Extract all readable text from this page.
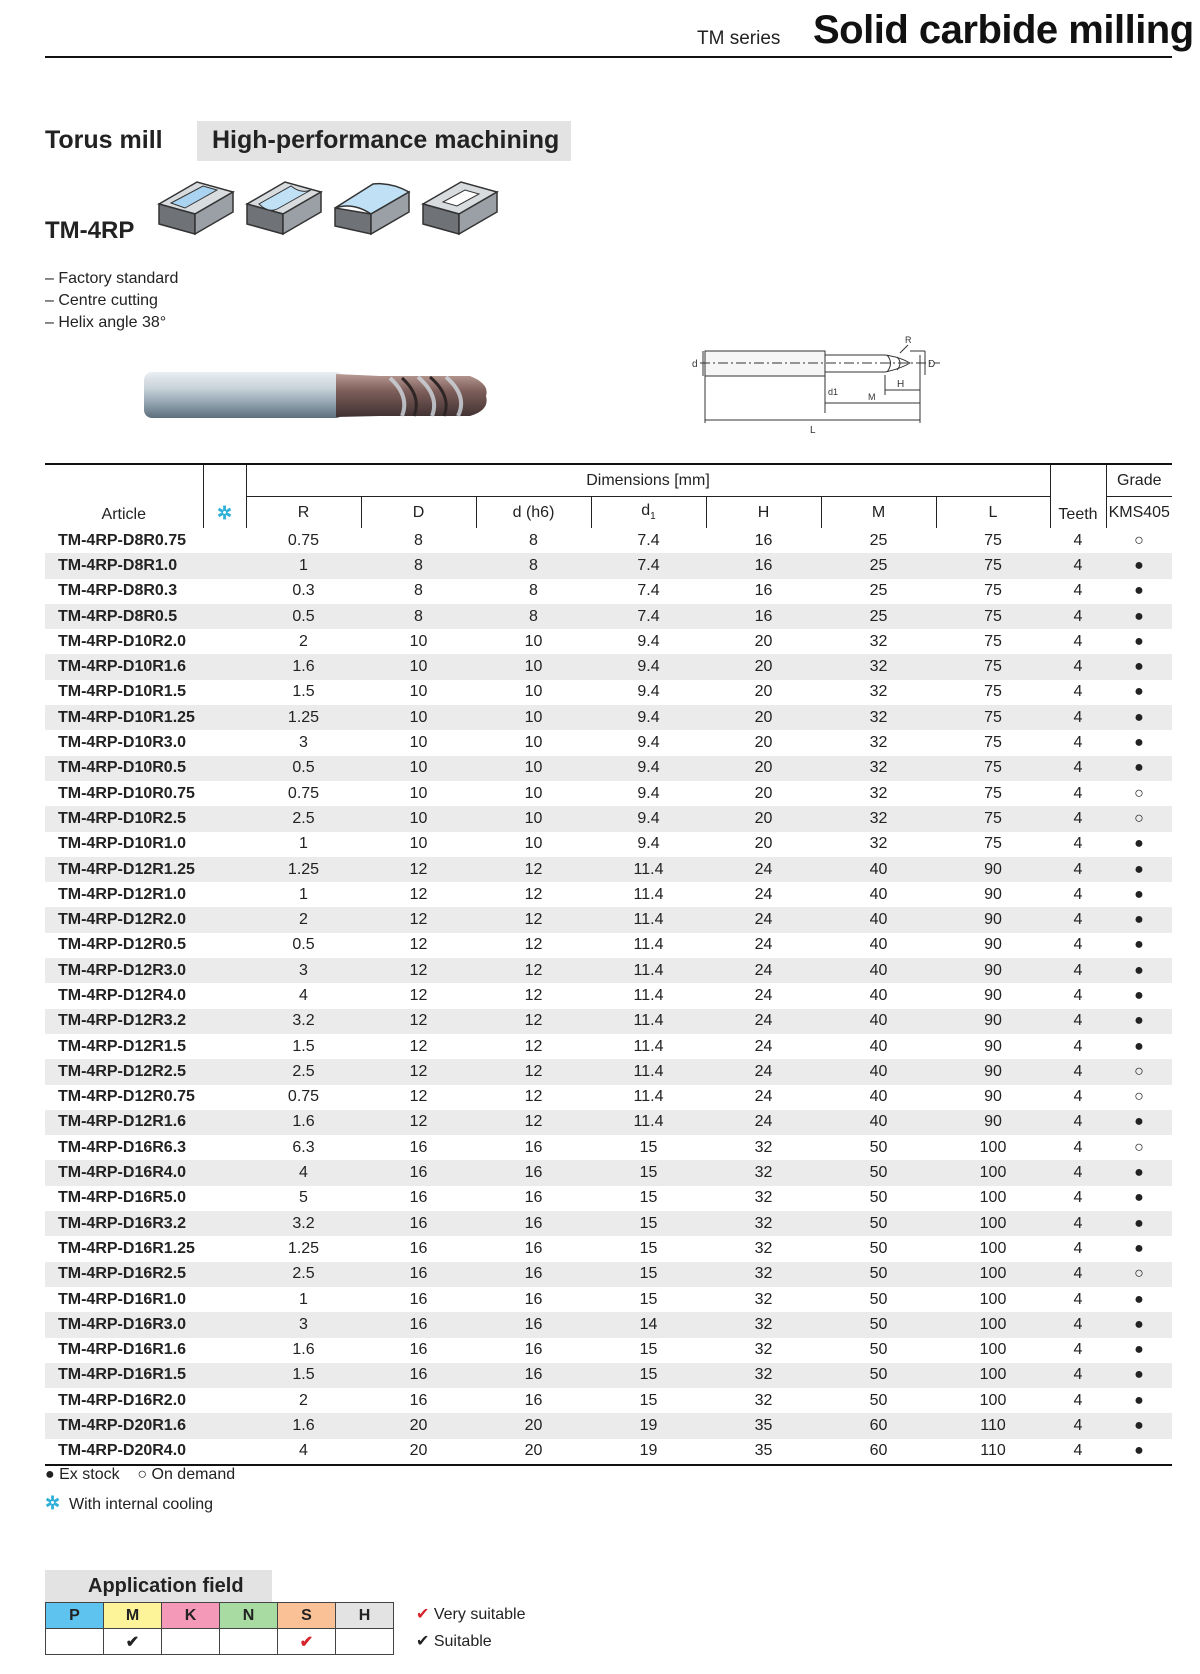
TM series Solid carbide milling
Torus mill High-performance machining
TM-4RP
– Factory standard
– Centre cutting
– Helix angle 38°
R
D
d
d1
H
M
L
Article	✲	Dimensions [mm]							Teeth	Grade
		R	D	d (h6)	$d_1$	H	M	L		KMS405
TM-4RP-D8R0.75		0.75	8	8	7.4	16	25	75	4	○
TM-4RP-D8R1.0		1	8	8	7.4	16	25	75	4	●
TM-4RP-D8R0.3		0.3	8	8	7.4	16	25	75	4	●
TM-4RP-D8R0.5		0.5	8	8	7.4	16	25	75	4	●
TM-4RP-D10R2.0		2	10	10	9.4	20	32	75	4	●
TM-4RP-D10R1.6		1.6	10	10	9.4	20	32	75	4	●
TM-4RP-D10R1.5		1.5	10	10	9.4	20	32	75	4	●
TM-4RP-D10R1.25		1.25	10	10	9.4	20	32	75	4	●
TM-4RP-D10R3.0		3	10	10	9.4	20	32	75	4	●
TM-4RP-D10R0.5		0.5	10	10	9.4	20	32	75	4	●
TM-4RP-D10R0.75		0.75	10	10	9.4	20	32	75	4	○
TM-4RP-D10R2.5		2.5	10	10	9.4	20	32	75	4	○
TM-4RP-D10R1.0		1	10	10	9.4	20	32	75	4	●
TM-4RP-D12R1.25		1.25	12	12	11.4	24	40	90	4	●
TM-4RP-D12R1.0		1	12	12	11.4	24	40	90	4	●
TM-4RP-D12R2.0		2	12	12	11.4	24	40	90	4	●
TM-4RP-D12R0.5		0.5	12	12	11.4	24	40	90	4	●
TM-4RP-D12R3.0		3	12	12	11.4	24	40	90	4	●
TM-4RP-D12R4.0		4	12	12	11.4	24	40	90	4	●
TM-4RP-D12R3.2		3.2	12	12	11.4	24	40	90	4	●
TM-4RP-D12R1.5		1.5	12	12	11.4	24	40	90	4	●
TM-4RP-D12R2.5		2.5	12	12	11.4	24	40	90	4	○
TM-4RP-D12R0.75		0.75	12	12	11.4	24	40	90	4	○
TM-4RP-D12R1.6		1.6	12	12	11.4	24	40	90	4	●
TM-4RP-D16R6.3		6.3	16	16	15	32	50	100	4	○
TM-4RP-D16R4.0		4	16	16	15	32	50	100	4	●
TM-4RP-D16R5.0		5	16	16	15	32	50	100	4	●
TM-4RP-D16R3.2		3.2	16	16	15	32	50	100	4	●
TM-4RP-D16R1.25		1.25	16	16	15	32	50	100	4	●
TM-4RP-D16R2.5		2.5	16	16	15	32	50	100	4	○
TM-4RP-D16R1.0		1	16	16	15	32	50	100	4	●
TM-4RP-D16R3.0		3	16	16	14	32	50	100	4	●
TM-4RP-D16R1.6		1.6	16	16	15	32	50	100	4	●
TM-4RP-D16R1.5		1.5	16	16	15	32	50	100	4	●
TM-4RP-D16R2.0		2	16	16	15	32	50	100	4	●
TM-4RP-D20R1.6		1.6	20	20	19	35	60	110	4	●
TM-4RP-D20R4.0		4	20	20	19	35	60	110	4	●
● Ex stock ○ On demand
✲ With internal cooling
Application field
P	M	K	N	S	H
	✔			✔	
✔ Very suitable
✔ Suitable
